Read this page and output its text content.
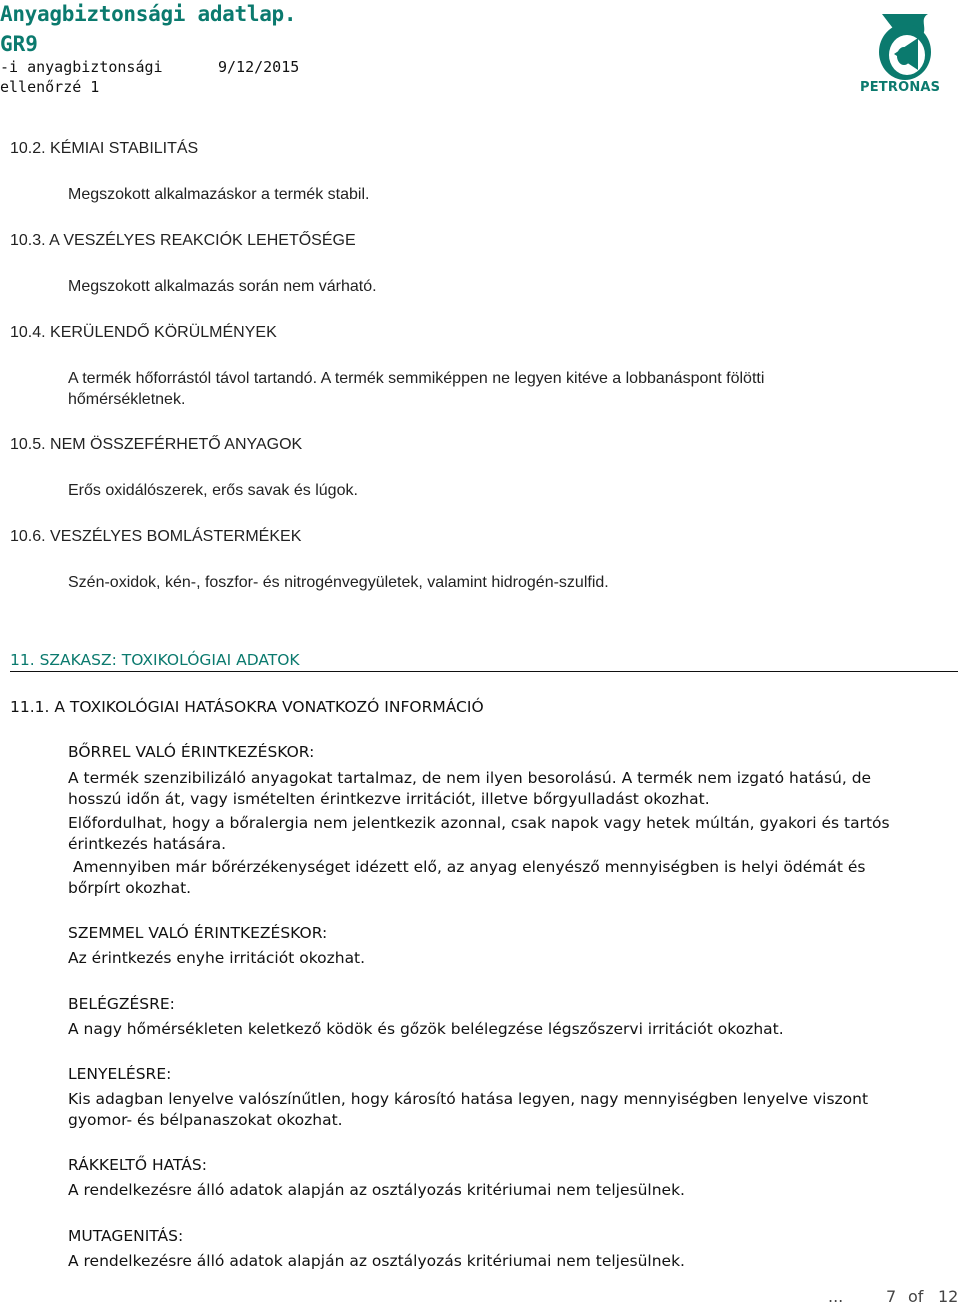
Anyagbiztonsági adatlap.
GR9
-i anyagbiztonsági	9/12/2015
ellenőrzé 1	PETRONAS
10.2. KÉMIAI STABILITÁS
Megszokott alkalmazáskor a termék stabil.
10.3. A VESZÉLYES REAKCIÓK LEHETŐSÉGE
Megszokott alkalmazás során nem várható.
10.4. KERÜLENDŐ KÖRÜLMÉNYEK
A termék hőforrástól távol tartandó. A termék semmiképpen ne legyen kitéve a lobbanáspont fölötti
hőmérsékletnek.
10.5. NEM ÖSSZEFÉRHETŐ ANYAGOK
Erős oxidálószerek, erős savak és lúgok.
10.6. VESZÉLYES BOMLÁSTERMÉKEK
Szén-oxidok, kén-, foszfor- és nitrogénvegyületek, valamint hidrogén-szulfid.
11. SZAKASZ: TOXIKOLÓGIAI ADATOK
11.1. A TOXIKOLÓGIAI HATÁSOKRA VONATKOZÓ INFORMÁCIÓ
BŐRREL VALÓ ÉRINTKEZÉSKOR:
A termék szenzibilizáló anyagokat tartalmaz, de nem ilyen besorolású. A termék nem izgató hatású, de
hosszú időn át, vagy ismételten érintkezve irritációt, illetve bőrgyulladást okozhat.
Előfordulhat, hogy a bőralergia nem jelentkezik azonnal, csak napok vagy hetek múltán, gyakori és tartós
érintkezés hatására.
Amennyiben már bőrérzékenységet idézett elő, az anyag elenyésző mennyiségben is helyi ödémát és
bőrpírt okozhat.
SZEMMEL VALÓ ÉRINTKEZÉSKOR:
Az érintkezés enyhe irritációt okozhat.
BELÉGZÉSRE:
A nagy hőmérsékleten keletkező ködök és gőzök belélegzése légszőszervi irritációt okozhat.
LENYELÉSRE:
Kis adagban lenyelve valószínűtlen, hogy károsító hatása legyen, nagy mennyiségben lenyelve viszont
gyomor- és bélpanaszokat okozhat.
RÁKKELTŐ HATÁS:
A rendelkezésre álló adatok alapján az osztályozás kritériumai nem teljesülnek.
MUTAGENITÁS:
A rendelkezésre álló adatok alapján az osztályozás kritériumai nem teljesülnek.
...	7 of 12
